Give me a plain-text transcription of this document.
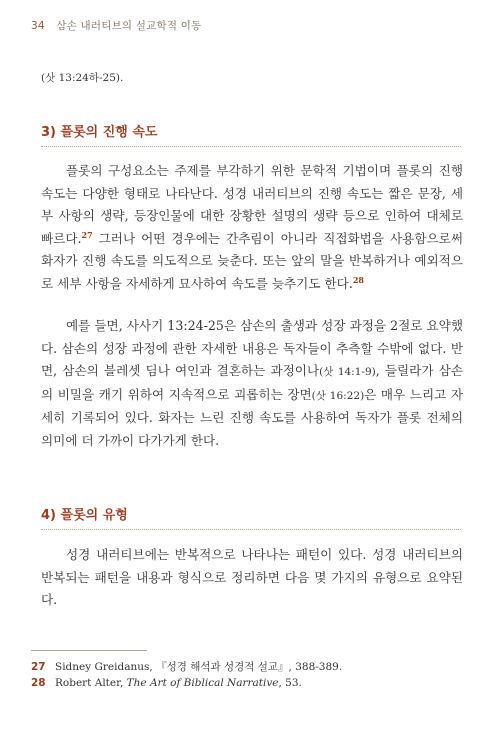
34 삼손 내러티브의 설교학적 이동
(삿 13:24하-25).
3) 플롯의 진행 속도
플롯의 구성요소는 주제를 부각하기 위한 문학적 기법이며 플롯의 진행 속도는 다양한 형태로 나타난다. 성경 내러티브의 진행 속도는 짧은 문장, 세부 사항의 생략, 등장인물에 대한 장황한 설명의 생략 등으로 인하여 대체로 빠르다.$^{27}$ 그러나 어떤 경우에는 간추림이 아니라 직접화법을 사용함으로써 화자가 진행 속도를 의도적으로 늦춘다. 또는 앞의 말을 반복하거나 예외적으로 세부 사항을 자세하게 묘사하여 속도를 늦추기도 한다.$^{28}$
예를 들면, 사사기 13:24-25은 삼손의 출생과 성장 과정을 2절로 요약했다. 삼손의 성장 과정에 관한 자세한 내용은 독자들이 추측할 수밖에 없다. 반면, 삼손의 블레셋 딤나 여인과 결혼하는 과정이나(삿 14:1-9), 들릴라가 삼손의 비밀을 캐기 위하여 지속적으로 괴롭히는 장면(삿 16:22)은 매우 느리고 자세히 기록되어 있다. 화자는 느린 진행 속도를 사용하여 독자가 플롯 전체의 의미에 더 가까이 다가가게 한다.
4) 플롯의 유형
성경 내러티브에는 반복적으로 나타나는 패턴이 있다. 성경 내러티브의 반복되는 패턴을 내용과 형식으로 정리하면 다음 몇 가지의 유형으로 요약된다.
27 Sidney Greidanus, 『성경 해석과 성경적 설교』, 388-389.
28 Robert Alter, The Art of Biblical Narrative, 53.
